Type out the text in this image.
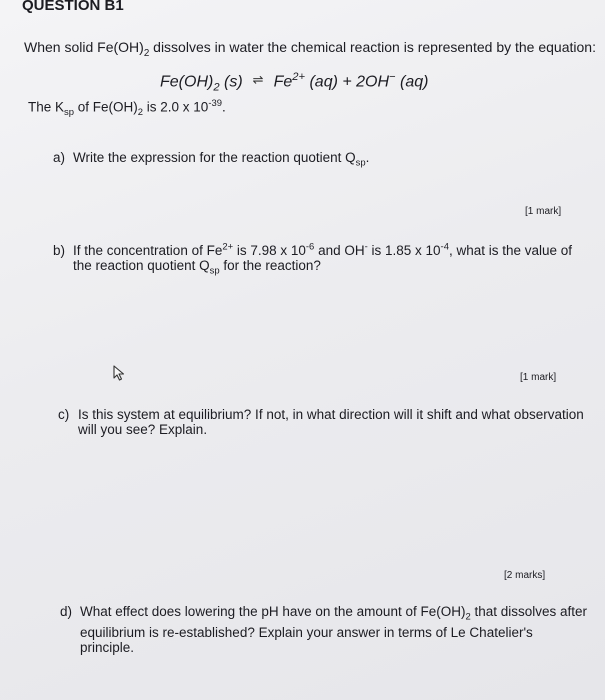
QUESTION B1
When solid $Fe(OH)_2$ dissolves in water the chemical reaction is represented by the equation:
$Fe(OH)_2$ (s) ⇌ $Fe^{2+}$ (aq) + 2OH− (aq)
The $K_{sp}$ of $Fe(OH)_2$ is 2.0 x $10^{-39}$.
a) Write the expression for the reaction quotient $Q_{sp}$.
[1 mark]
b) If the concentration of $Fe^{2+}$ is 7.98 x $10^{-6}$ and OH- is 1.85 x $10^{-4}$, what is the value of
the reaction quotient $Q_{sp}$ for the reaction?
[1 mark]
c) Is this system at equilibrium? If not, in what direction will it shift and what observation
will you see? Explain.
[2 marks]
d) What effect does lowering the pH have on the amount of $Fe(OH)_2$ that dissolves after
equilibrium is re-established? Explain your answer in terms of Le Chatelier's
principle.
